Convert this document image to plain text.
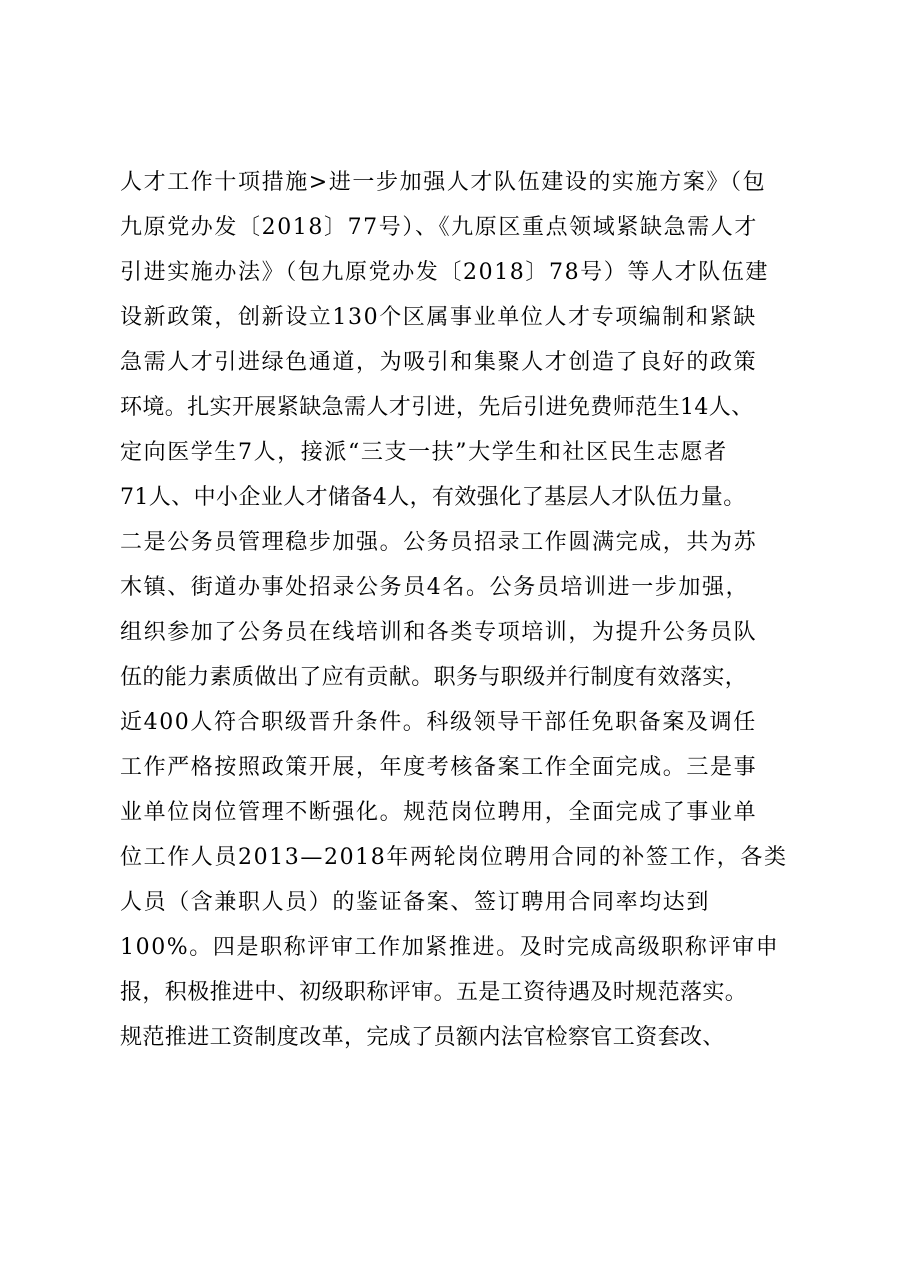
人才工作十项措施>进一步加强人才队伍建设的实施方案》（包
九原党办发〔2018〕77号）、《九原区重点领域紧缺急需人才
引进实施办法》（包九原党办发〔2018〕78号）等人才队伍建
设新政策，创新设立130个区属事业单位人才专项编制和紧缺
急需人才引进绿色通道，为吸引和集聚人才创造了良好的政策
环境。扎实开展紧缺急需人才引进，先后引进免费师范生14人、
定向医学生7人，接派“三支一扶”大学生和社区民生志愿者
71人、中小企业人才储备4人，有效强化了基层人才队伍力量。
二是公务员管理稳步加强。公务员招录工作圆满完成，共为苏
木镇、街道办事处招录公务员4名。公务员培训进一步加强，
组织参加了公务员在线培训和各类专项培训，为提升公务员队
伍的能力素质做出了应有贡献。职务与职级并行制度有效落实，
近400人符合职级晋升条件。科级领导干部任免职备案及调任
工作严格按照政策开展，年度考核备案工作全面完成。三是事
业单位岗位管理不断强化。规范岗位聘用，全面完成了事业单
位工作人员2013—2018年两轮岗位聘用合同的补签工作，各类
人员（含兼职人员）的鉴证备案、签订聘用合同率均达到
100%。四是职称评审工作加紧推进。及时完成高级职称评审申
报，积极推进中、初级职称评审。五是工资待遇及时规范落实。
规范推进工资制度改革，完成了员额内法官检察官工资套改、
